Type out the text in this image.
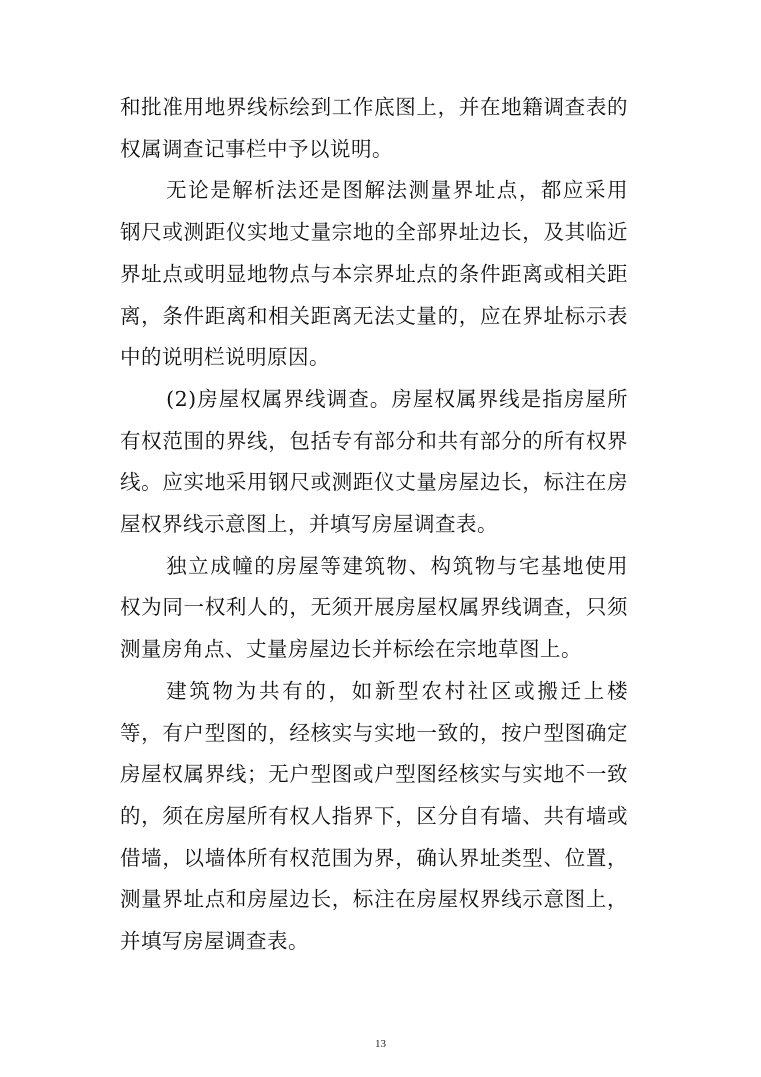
和批准用地界线标绘到工作底图上，并在地籍调查表的权属调查记事栏中予以说明。

无论是解析法还是图解法测量界址点，都应采用钢尺或测距仪实地丈量宗地的全部界址边长，及其临近界址点或明显地物点与本宗界址点的条件距离或相关距离，条件距离和相关距离无法丈量的，应在界址标示表中的说明栏说明原因。

(2)房屋权属界线调查。房屋权属界线是指房屋所有权范围的界线，包括专有部分和共有部分的所有权界线。应实地采用钢尺或测距仪丈量房屋边长，标注在房屋权界线示意图上，并填写房屋调查表。

独立成幢的房屋等建筑物、构筑物与宅基地使用权为同一权利人的，无须开展房屋权属界线调查，只须测量房角点、丈量房屋边长并标绘在宗地草图上。

建筑物为共有的，如新型农村社区或搬迁上楼等，有户型图的，经核实与实地一致的，按户型图确定房屋权属界线；无户型图或户型图经核实与实地不一致的，须在房屋所有权人指界下，区分自有墙、共有墙或借墙，以墙体所有权范围为界，确认界址类型、位置，测量界址点和房屋边长，标注在房屋权界线示意图上，并填写房屋调查表。

13
